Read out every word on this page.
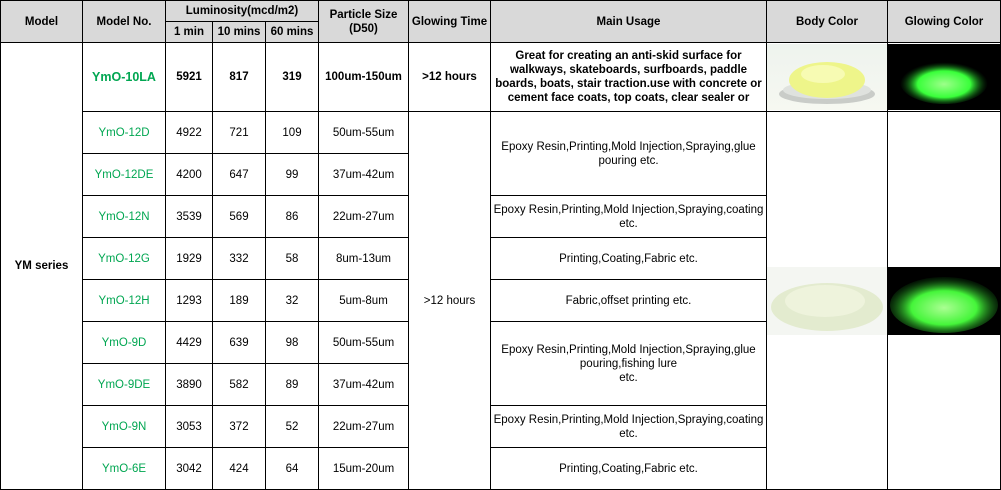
Model	Model No.	Luminosity(mcd/m2)			Particle Size (D50)	Glowing Time	Main Usage	Body Color	Glowing Color
		1 min	10 mins	60 mins					
YM series	YmO-10LA	5921	817	319	100um-150um	>12 hours	Great for creating an anti-skid surface for walkways, skateboards, surfboards, paddle boards, boats, stair traction.use with concrete or cement face coats, top coats, clear sealer or	

	YmO-12D	4922	721	109	50um-55um	>12 hours	Epoxy Resin,Printing,Mold Injection,Spraying,glue pouring etc.	

	YmO-12DE	4200	647	99	37um-42um				
	YmO-12N	3539	569	86	22um-27um		Epoxy Resin,Printing,Mold Injection,Spraying,coating etc.		
	YmO-12G	1929	332	58	8um-13um		Printing,Coating,Fabric etc.		
	YmO-12H	1293	189	32	5um-8um		Fabric,offset printing etc.		
	YmO-9D	4429	639	98	50um-55um		Epoxy Resin,Printing,Mold Injection,Spraying,glue pouring,fishing lure
etc.		
	YmO-9DE	3890	582	89	37um-42um				
	YmO-9N	3053	372	52	22um-27um		Epoxy Resin,Printing,Mold Injection,Spraying,coating etc.		
	YmO-6E	3042	424	64	15um-20um		Printing,Coating,Fabric etc.		
